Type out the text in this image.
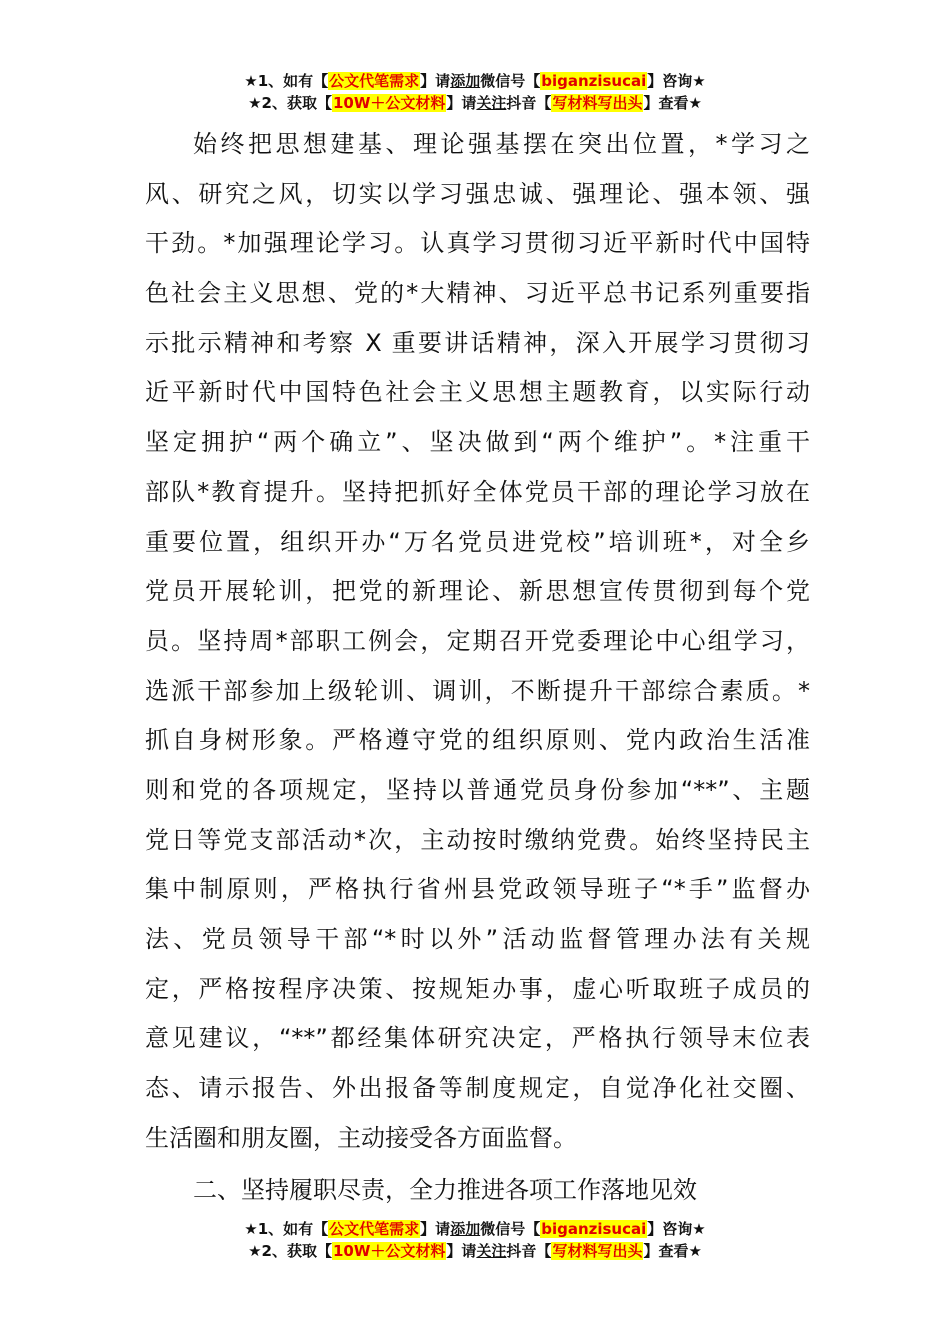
★1、如有【公文代笔需求】请添加微信号【biganzisucai】咨询★
★2、获取【10W＋公文材料】请关注抖音【写材料写出头】查看★
始终把思想建基、理论强基摆在突出位置，*学习之
风、研究之风，切实以学习强忠诚、强理论、强本领、强
干劲。*加强理论学习。认真学习贯彻习近平新时代中国特
色社会主义思想、党的*大精神、习近平总书记系列重要指
示批示精神和考察 X 重要讲话精神，深入开展学习贯彻习
近平新时代中国特色社会主义思想主题教育，以实际行动
坚定拥护“两个确立”、坚决做到“两个维护”。*注重干
部队*教育提升。坚持把抓好全体党员干部的理论学习放在
重要位置，组织开办“万名党员进党校”培训班*，对全乡
党员开展轮训，把党的新理论、新思想宣传贯彻到每个党
员。坚持周*部职工例会，定期召开党委理论中心组学习，
选派干部参加上级轮训、调训，不断提升干部综合素质。*
抓自身树形象。严格遵守党的组织原则、党内政治生活准
则和党的各项规定，坚持以普通党员身份参加“**”、主题
党日等党支部活动*次，主动按时缴纳党费。始终坚持民主
集中制原则，严格执行省州县党政领导班子“*手”监督办
法、党员领导干部“*时以外”活动监督管理办法有关规
定，严格按程序决策、按规矩办事，虚心听取班子成员的
意见建议，“**”都经集体研究决定，严格执行领导末位表
态、请示报告、外出报备等制度规定，自觉净化社交圈、
生活圈和朋友圈，主动接受各方面监督。
二、坚持履职尽责，全力推进各项工作落地见效
★1、如有【公文代笔需求】请添加微信号【biganzisucai】咨询★
★2、获取【10W＋公文材料】请关注抖音【写材料写出头】查看★
